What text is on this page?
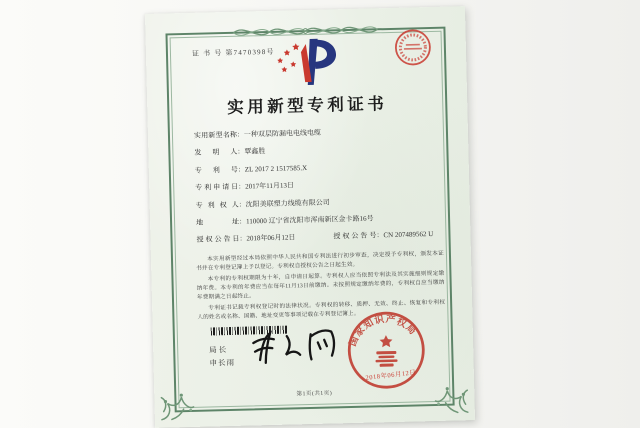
证 书 号 第7470398号
实用新型专利证书
实用新型名称：一种双层防漏电电线电缆
发明人：覃鑫胜
专利号：ZL 2017 2 1517585.X
专利申请日：2017年11月13日
专利权人：沈阳美联塑力线缆有限公司
地址：110000 辽宁省沈阳市浑南新区金卡路16号
授权公告日：2018年06月12日	授权公告号：CN 207489562 U

本实用新型经过本局依照中华人民共和国专利法进行初步审查，决定授予专利权，颁发本证书并在专利登记簿上予以登记。专利权自授权公告之日起生效。

本专利的专利权期限为十年，自申请日起算。专利权人应当依照专利法及其实施细则规定缴纳年费。本专利的年费应当在每年11月13日前缴纳。未按照规定缴纳年费的，专利权自应当缴纳年费期满之日起终止。

专利证书记载专利权登记时的法律状况。专利权的转移、质押、无效、终止、恢复和专利权人的姓名或名称、国籍、地址变更等事项记载在专利登记簿上。

局长
申长雨
国家知识产权局
2018年06月12日
第1页(共1页)
